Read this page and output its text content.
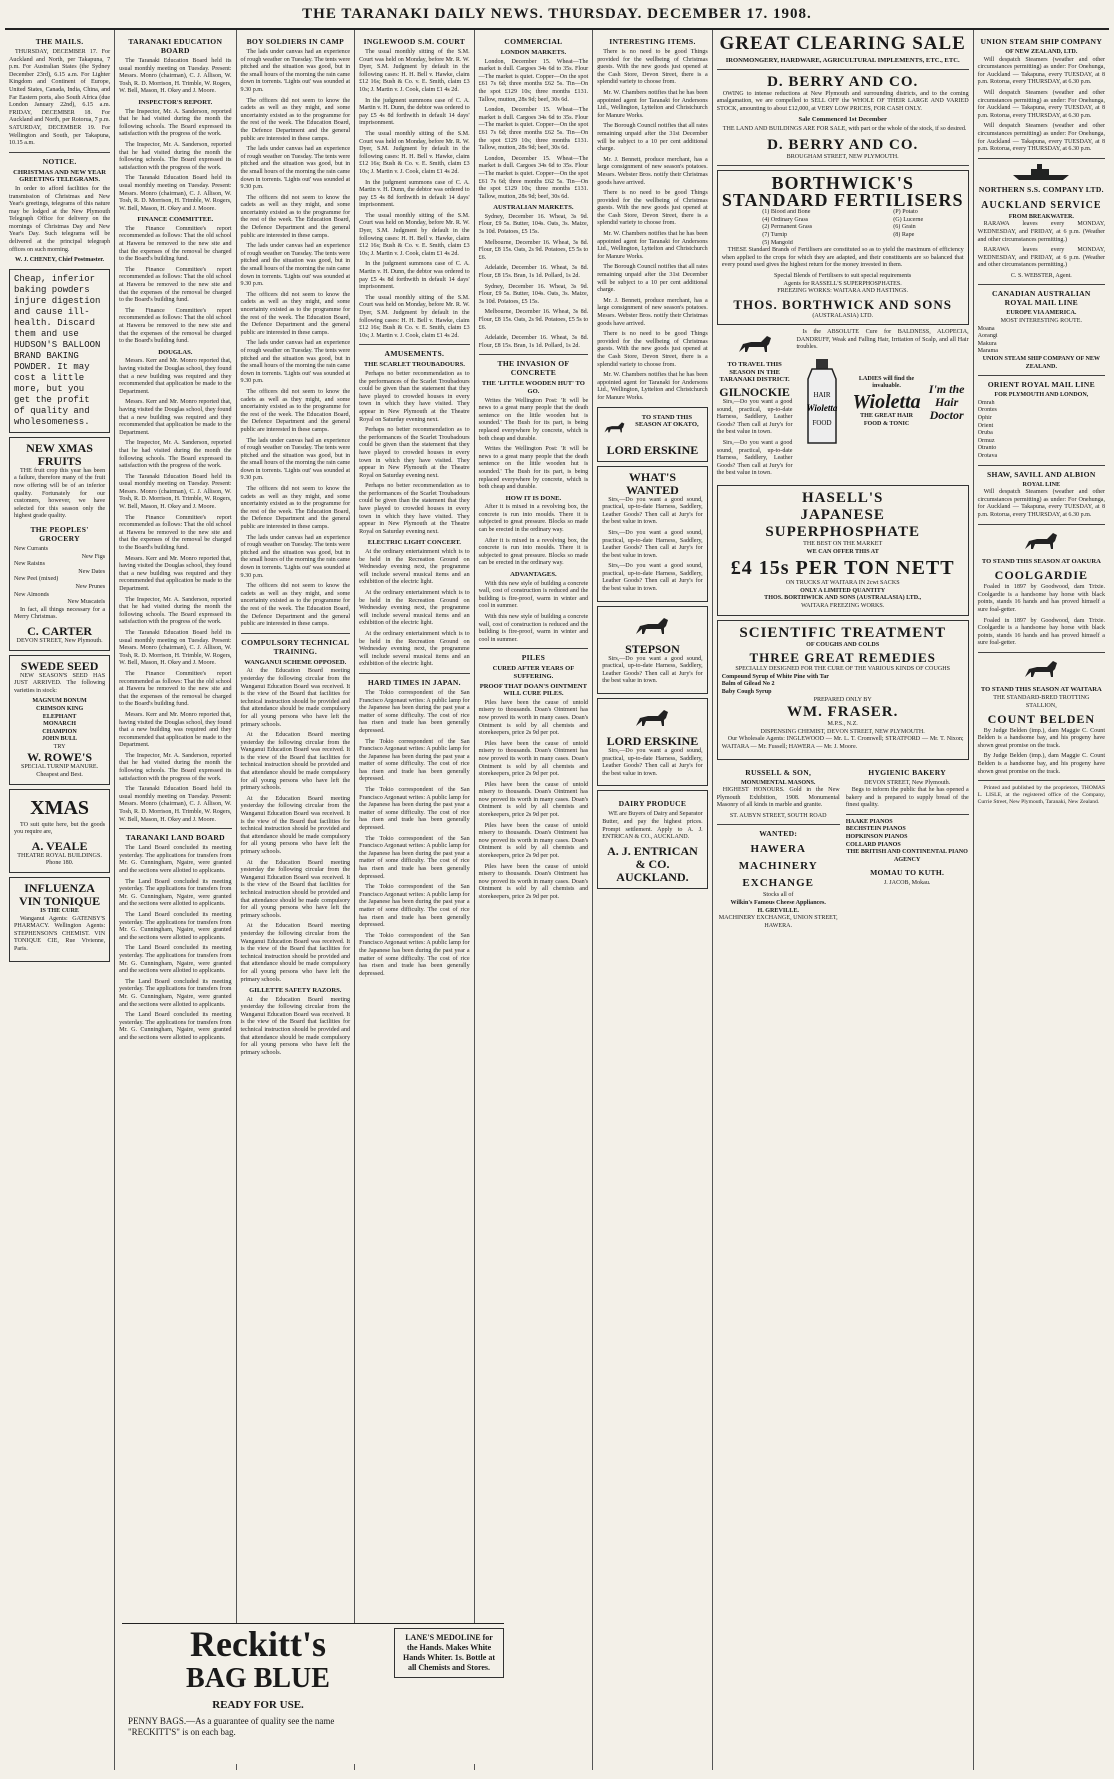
THE TARANAKI DAILY NEWS. THURSDAY. DECEMBER 17. 1908.
THE MAILS.

THURSDAY, DECEMBER 17. For Auckland and North, per Takapuna, 7 p.m. For Australian States (the Sydney December 23rd), 6.15 a.m. For Lighter Kingdom and Continent of Europe, United States, Canada, India, China, and Far Eastern ports, also South Africa (due London January 22nd), 6.15 a.m. FRIDAY, DECEMBER 18. For Auckland and North, per Rotorua, 7 p.m. SATURDAY, DECEMBER 19. For Wellington and South, per Takapuna, 10.15 a.m.

NOTICE.
CHRISTMAS AND NEW YEAR GREETING TELEGRAMS.

In order to afford facilities for the transmission of Christmas and New Year's greetings, telegrams of this nature may be lodged at the New Plymouth Telegraph Office for delivery on the mornings of Christmas Day and New Year's Day. Such telegrams will be delivered at the principal telegraph offices on such morning.

W. J. CHENEY, Chief Postmaster.
Cheap, inferior baking powders injure digestion and cause ill-health. Discard them and use HUDSON'S BALLOON BRAND BAKING POWDER. It may cost a little more, but you get the profit of quality and wholesomeness.
NEW XMAS FRUITS

THE fruit crop this year has been a failure, therefore many of the fruit now offering will be of an inferior quality. Fortunately for our customers, however, we have selected for this season only the highest grade quality.

THE PEOPLES' GROCERY
New Currants
New Figs
New Raisins
New Dates
New Peel (mixed)
New Prunes
New Almonds
New Muscatels

In fact, all things necessary for a Merry Christmas.

C. CARTER
DEVON STREET, New Plymouth.
SWEDE SEED

NEW SEASON'S SEED HAS JUST ARRIVED. The following varieties in stock:

MAGNUM BONUM
CRIMSON KING
ELEPHANT
MONARCH
CHAMPION
JOHN BULL
TRY
W. ROWE'S
SPECIAL TURNIP MANURE. Cheapest and Best.
XMAS

TO suit quite here, but the goods you require are,

A. VEALE
THEATRE ROYAL BUILDINGS. Phone 180.
INFLUENZA
VIN TONIQUE
IS THE CURE

Wanganui Agents: GATENBY'S PHARMACY. Wellington Agents: STEPHENSON'S CHEMIST. VIN TONIQUE CIE, Rue Vivienne, Paris.

TARANAKI EDUCATION BOARD

The Taranaki Education Board held its usual monthly meeting on Tuesday. Present: Messrs. Monro (chairman), C. J. Allison, W. Tosh, R. D. Morrison, H. Trimble, W. Rogers, W. Bell, Mason, H. Okey and J. Moore.

INSPECTOR'S REPORT.

The Inspector, Mr. A. Sanderson, reported that he had visited during the month the following schools. The Board expressed its satisfaction with the progress of the work.

The Inspector, Mr. A. Sanderson, reported that he had visited during the month the following schools. The Board expressed its satisfaction with the progress of the work.

The Taranaki Education Board held its usual monthly meeting on Tuesday. Present: Messrs. Monro (chairman), C. J. Allison, W. Tosh, R. D. Morrison, H. Trimble, W. Rogers, W. Bell, Mason, H. Okey and J. Moore.

FINANCE COMMITTEE.

The Finance Committee's report recommended as follows: That the old school at Hawera be removed to the new site and that the expenses of the removal be charged to the Board's building fund.

The Finance Committee's report recommended as follows: That the old school at Hawera be removed to the new site and that the expenses of the removal be charged to the Board's building fund.

The Finance Committee's report recommended as follows: That the old school at Hawera be removed to the new site and that the expenses of the removal be charged to the Board's building fund.

DOUGLAS.

Messrs. Kerr and Mr. Monro reported that, having visited the Douglas school, they found that a new building was required and they recommended that application be made to the Department.

Messrs. Kerr and Mr. Monro reported that, having visited the Douglas school, they found that a new building was required and they recommended that application be made to the Department.

The Inspector, Mr. A. Sanderson, reported that he had visited during the month the following schools. The Board expressed its satisfaction with the progress of the work.

The Taranaki Education Board held its usual monthly meeting on Tuesday. Present: Messrs. Monro (chairman), C. J. Allison, W. Tosh, R. D. Morrison, H. Trimble, W. Rogers, W. Bell, Mason, H. Okey and J. Moore.

The Finance Committee's report recommended as follows: That the old school at Hawera be removed to the new site and that the expenses of the removal be charged to the Board's building fund.

Messrs. Kerr and Mr. Monro reported that, having visited the Douglas school, they found that a new building was required and they recommended that application be made to the Department.

The Inspector, Mr. A. Sanderson, reported that he had visited during the month the following schools. The Board expressed its satisfaction with the progress of the work.

The Taranaki Education Board held its usual monthly meeting on Tuesday. Present: Messrs. Monro (chairman), C. J. Allison, W. Tosh, R. D. Morrison, H. Trimble, W. Rogers, W. Bell, Mason, H. Okey and J. Moore.

The Finance Committee's report recommended as follows: That the old school at Hawera be removed to the new site and that the expenses of the removal be charged to the Board's building fund.

Messrs. Kerr and Mr. Monro reported that, having visited the Douglas school, they found that a new building was required and they recommended that application be made to the Department.

The Inspector, Mr. A. Sanderson, reported that he had visited during the month the following schools. The Board expressed its satisfaction with the progress of the work.

The Taranaki Education Board held its usual monthly meeting on Tuesday. Present: Messrs. Monro (chairman), C. J. Allison, W. Tosh, R. D. Morrison, H. Trimble, W. Rogers, W. Bell, Mason, H. Okey and J. Moore.

TARANAKI LAND BOARD

The Land Board concluded its meeting yesterday. The applications for transfers from Mr. G. Cunningham, Ngaire, were granted and the sections were allotted to applicants.

The Land Board concluded its meeting yesterday. The applications for transfers from Mr. G. Cunningham, Ngaire, were granted and the sections were allotted to applicants.

The Land Board concluded its meeting yesterday. The applications for transfers from Mr. G. Cunningham, Ngaire, were granted and the sections were allotted to applicants.

The Land Board concluded its meeting yesterday. The applications for transfers from Mr. G. Cunningham, Ngaire, were granted and the sections were allotted to applicants.

The Land Board concluded its meeting yesterday. The applications for transfers from Mr. G. Cunningham, Ngaire, were granted and the sections were allotted to applicants.

The Land Board concluded its meeting yesterday. The applications for transfers from Mr. G. Cunningham, Ngaire, were granted and the sections were allotted to applicants.

BOY SOLDIERS IN CAMP

The lads under canvas had an experience of rough weather on Tuesday. The tents were pitched and the situation was good, but in the small hours of the morning the rain came down in torrents. 'Lights out' was sounded at 9.30 p.m.

The officers did not seem to know the cadets as well as they might, and some uncertainty existed as to the programme for the rest of the week. The Education Board, the Defence Department and the general public are interested in these camps.

The lads under canvas had an experience of rough weather on Tuesday. The tents were pitched and the situation was good, but in the small hours of the morning the rain came down in torrents. 'Lights out' was sounded at 9.30 p.m.

The officers did not seem to know the cadets as well as they might, and some uncertainty existed as to the programme for the rest of the week. The Education Board, the Defence Department and the general public are interested in these camps.

The lads under canvas had an experience of rough weather on Tuesday. The tents were pitched and the situation was good, but in the small hours of the morning the rain came down in torrents. 'Lights out' was sounded at 9.30 p.m.

The officers did not seem to know the cadets as well as they might, and some uncertainty existed as to the programme for the rest of the week. The Education Board, the Defence Department and the general public are interested in these camps.

The lads under canvas had an experience of rough weather on Tuesday. The tents were pitched and the situation was good, but in the small hours of the morning the rain came down in torrents. 'Lights out' was sounded at 9.30 p.m.

The officers did not seem to know the cadets as well as they might, and some uncertainty existed as to the programme for the rest of the week. The Education Board, the Defence Department and the general public are interested in these camps.

The lads under canvas had an experience of rough weather on Tuesday. The tents were pitched and the situation was good, but in the small hours of the morning the rain came down in torrents. 'Lights out' was sounded at 9.30 p.m.

The officers did not seem to know the cadets as well as they might, and some uncertainty existed as to the programme for the rest of the week. The Education Board, the Defence Department and the general public are interested in these camps.

The lads under canvas had an experience of rough weather on Tuesday. The tents were pitched and the situation was good, but in the small hours of the morning the rain came down in torrents. 'Lights out' was sounded at 9.30 p.m.

The officers did not seem to know the cadets as well as they might, and some uncertainty existed as to the programme for the rest of the week. The Education Board, the Defence Department and the general public are interested in these camps.

COMPULSORY TECHNICAL TRAINING.
WANGANUI SCHEME OPPOSED.

At the Education Board meeting yesterday the following circular from the Wanganui Education Board was received. It is the view of the Board that facilities for technical instruction should be provided and that attendance should be made compulsory for all young persons who have left the primary schools.

At the Education Board meeting yesterday the following circular from the Wanganui Education Board was received. It is the view of the Board that facilities for technical instruction should be provided and that attendance should be made compulsory for all young persons who have left the primary schools.

At the Education Board meeting yesterday the following circular from the Wanganui Education Board was received. It is the view of the Board that facilities for technical instruction should be provided and that attendance should be made compulsory for all young persons who have left the primary schools.

At the Education Board meeting yesterday the following circular from the Wanganui Education Board was received. It is the view of the Board that facilities for technical instruction should be provided and that attendance should be made compulsory for all young persons who have left the primary schools.

At the Education Board meeting yesterday the following circular from the Wanganui Education Board was received. It is the view of the Board that facilities for technical instruction should be provided and that attendance should be made compulsory for all young persons who have left the primary schools.

GILLETTE SAFETY RAZORS.

At the Education Board meeting yesterday the following circular from the Wanganui Education Board was received. It is the view of the Board that facilities for technical instruction should be provided and that attendance should be made compulsory for all young persons who have left the primary schools.

INGLEWOOD S.M. COURT

The usual monthly sitting of the S.M. Court was held on Monday, before Mr. R. W. Dyer, S.M. Judgment by default in the following cases: H. H. Bell v. Hawke, claim £12 16s; Bush & Co. v. E. Smith, claim £3 10s; J. Martin v. J. Cook, claim £1 4s 2d.

In the judgment summons case of C. A. Martin v. H. Dunn, the debtor was ordered to pay £5 4s 8d forthwith in default 14 days' imprisonment.

The usual monthly sitting of the S.M. Court was held on Monday, before Mr. R. W. Dyer, S.M. Judgment by default in the following cases: H. H. Bell v. Hawke, claim £12 16s; Bush & Co. v. E. Smith, claim £3 10s; J. Martin v. J. Cook, claim £1 4s 2d.

In the judgment summons case of C. A. Martin v. H. Dunn, the debtor was ordered to pay £5 4s 8d forthwith in default 14 days' imprisonment.

The usual monthly sitting of the S.M. Court was held on Monday, before Mr. R. W. Dyer, S.M. Judgment by default in the following cases: H. H. Bell v. Hawke, claim £12 16s; Bush & Co. v. E. Smith, claim £3 10s; J. Martin v. J. Cook, claim £1 4s 2d.

In the judgment summons case of C. A. Martin v. H. Dunn, the debtor was ordered to pay £5 4s 8d forthwith in default 14 days' imprisonment.

The usual monthly sitting of the S.M. Court was held on Monday, before Mr. R. W. Dyer, S.M. Judgment by default in the following cases: H. H. Bell v. Hawke, claim £12 16s; Bush & Co. v. E. Smith, claim £3 10s; J. Martin v. J. Cook, claim £1 4s 2d.

AMUSEMENTS.
THE SCARLET TROUBADOURS.

Perhaps no better recommendation as to the performances of the Scarlet Troubadours could be given than the statement that they have played to crowded houses in every town in which they have visited. They appear in New Plymouth at the Theatre Royal on Saturday evening next.

Perhaps no better recommendation as to the performances of the Scarlet Troubadours could be given than the statement that they have played to crowded houses in every town in which they have visited. They appear in New Plymouth at the Theatre Royal on Saturday evening next.

Perhaps no better recommendation as to the performances of the Scarlet Troubadours could be given than the statement that they have played to crowded houses in every town in which they have visited. They appear in New Plymouth at the Theatre Royal on Saturday evening next.

ELECTRIC LIGHT CONCERT.

At the ordinary entertainment which is to be held in the Recreation Ground on Wednesday evening next, the programme will include several musical items and an exhibition of the electric light.

At the ordinary entertainment which is to be held in the Recreation Ground on Wednesday evening next, the programme will include several musical items and an exhibition of the electric light.

At the ordinary entertainment which is to be held in the Recreation Ground on Wednesday evening next, the programme will include several musical items and an exhibition of the electric light.

HARD TIMES IN JAPAN.

The Tokio correspondent of the San Francisco Argonaut writes: A public lamp for the Japanese has been during the past year a matter of some difficulty. The cost of rice has risen and trade has been generally depressed.

The Tokio correspondent of the San Francisco Argonaut writes: A public lamp for the Japanese has been during the past year a matter of some difficulty. The cost of rice has risen and trade has been generally depressed.

The Tokio correspondent of the San Francisco Argonaut writes: A public lamp for the Japanese has been during the past year a matter of some difficulty. The cost of rice has risen and trade has been generally depressed.

The Tokio correspondent of the San Francisco Argonaut writes: A public lamp for the Japanese has been during the past year a matter of some difficulty. The cost of rice has risen and trade has been generally depressed.

The Tokio correspondent of the San Francisco Argonaut writes: A public lamp for the Japanese has been during the past year a matter of some difficulty. The cost of rice has risen and trade has been generally depressed.

The Tokio correspondent of the San Francisco Argonaut writes: A public lamp for the Japanese has been during the past year a matter of some difficulty. The cost of rice has risen and trade has been generally depressed.

COMMERCIAL
LONDON MARKETS.

London, December 15. Wheat—The market is dull. Cargoes 34s 6d to 35s. Flour—The market is quiet. Copper—On the spot £61 7s 6d; three months £62 5s. Tin—On the spot £129 10s; three months £131. Tallow, mutton, 28s 9d; beef, 30s 6d.

London, December 15. Wheat—The market is dull. Cargoes 34s 6d to 35s. Flour—The market is quiet. Copper—On the spot £61 7s 6d; three months £62 5s. Tin—On the spot £129 10s; three months £131. Tallow, mutton, 28s 9d; beef, 30s 6d.

London, December 15. Wheat—The market is dull. Cargoes 34s 6d to 35s. Flour—The market is quiet. Copper—On the spot £61 7s 6d; three months £62 5s. Tin—On the spot £129 10s; three months £131. Tallow, mutton, 28s 9d; beef, 30s 6d.

AUSTRALIAN MARKETS.

Sydney, December 16. Wheat, 3s 9d. Flour, £9 5s. Butter, 104s. Oats, 3s. Maize, 3s 10d. Potatoes, £5 15s.

Melbourne, December 16. Wheat, 3s 8d. Flour, £8 15s. Oats, 2s 9d. Potatoes, £5 5s to £6.

Adelaide, December 16. Wheat, 3s 8d. Flour, £8 15s. Bran, 1s 1d. Pollard, 1s 2d.

Sydney, December 16. Wheat, 3s 9d. Flour, £9 5s. Butter, 104s. Oats, 3s. Maize, 3s 10d. Potatoes, £5 15s.

Melbourne, December 16. Wheat, 3s 8d. Flour, £8 15s. Oats, 2s 9d. Potatoes, £5 5s to £6.

Adelaide, December 16. Wheat, 3s 8d. Flour, £8 15s. Bran, 1s 1d. Pollard, 1s 2d.

THE INVASION OF CONCRETE
THE 'LITTLE WOODEN HUT' TO GO.

Writes the Wellington Post: 'It will be news to a great many people that the death sentence on the little wooden hut is sounded.' The Bush for its part, is being replaced everywhere by concrete, which is both cheap and durable.

Writes the Wellington Post: 'It will be news to a great many people that the death sentence on the little wooden hut is sounded.' The Bush for its part, is being replaced everywhere by concrete, which is both cheap and durable.

HOW IT IS DONE.

After it is mixed in a revolving box, the concrete is run into moulds. There it is subjected to great pressure. Blocks so made can be erected in the ordinary way.

After it is mixed in a revolving box, the concrete is run into moulds. There it is subjected to great pressure. Blocks so made can be erected in the ordinary way.

ADVANTAGES.

With this new style of building a concrete wall, cost of construction is reduced and the building is fire-proof, warm in winter and cool in summer.

With this new style of building a concrete wall, cost of construction is reduced and the building is fire-proof, warm in winter and cool in summer.

PILES
CURED AFTER YEARS OF SUFFERING.
PROOF THAT DOAN'S OINTMENT WILL CURE PILES.

Piles have been the cause of untold misery to thousands. Doan's Ointment has now proved its worth in many cases. Doan's Ointment is sold by all chemists and storekeepers, price 2s 9d per pot.

Piles have been the cause of untold misery to thousands. Doan's Ointment has now proved its worth in many cases. Doan's Ointment is sold by all chemists and storekeepers, price 2s 9d per pot.

Piles have been the cause of untold misery to thousands. Doan's Ointment has now proved its worth in many cases. Doan's Ointment is sold by all chemists and storekeepers, price 2s 9d per pot.

Piles have been the cause of untold misery to thousands. Doan's Ointment has now proved its worth in many cases. Doan's Ointment is sold by all chemists and storekeepers, price 2s 9d per pot.

Piles have been the cause of untold misery to thousands. Doan's Ointment has now proved its worth in many cases. Doan's Ointment is sold by all chemists and storekeepers, price 2s 9d per pot.

INTERESTING ITEMS.

There is no need to be good Things provided for the wellbeing of Christmas guests. With the new goods just opened at the Cash Store, Devon Street, there is a splendid variety to choose from.

Mr. W. Chambers notifies that he has been appointed agent for Taranaki for Andersons Ltd., Wellington, Lyttelton and Christchurch for Manure Works.

The Borough Council notifies that all rates remaining unpaid after the 31st December will be subject to a 10 per cent additional charge.

Mr. J. Bennett, produce merchant, has a large consignment of new season's potatoes. Messrs. Webster Bros. notify their Christmas goods have arrived.

There is no need to be good Things provided for the wellbeing of Christmas guests. With the new goods just opened at the Cash Store, Devon Street, there is a splendid variety to choose from.

Mr. W. Chambers notifies that he has been appointed agent for Taranaki for Andersons Ltd., Wellington, Lyttelton and Christchurch for Manure Works.

The Borough Council notifies that all rates remaining unpaid after the 31st December will be subject to a 10 per cent additional charge.

Mr. J. Bennett, produce merchant, has a large consignment of new season's potatoes. Messrs. Webster Bros. notify their Christmas goods have arrived.

There is no need to be good Things provided for the wellbeing of Christmas guests. With the new goods just opened at the Cash Store, Devon Street, there is a splendid variety to choose from.

Mr. W. Chambers notifies that he has been appointed agent for Taranaki for Andersons Ltd., Wellington, Lyttelton and Christchurch for Manure Works.

TO STAND THIS SEASON AT OKATO,
LORD ERSKINE
WHAT'S WANTED

Sirs,—Do you want a good sound, practical, up-to-date Harness, Saddlery, Leather Goods? Then call at Jury's for the best value in town.

Sirs,—Do you want a good sound, practical, up-to-date Harness, Saddlery, Leather Goods? Then call at Jury's for the best value in town.

Sirs,—Do you want a good sound, practical, up-to-date Harness, Saddlery, Leather Goods? Then call at Jury's for the best value in town.

STEPSON

Sirs,—Do you want a good sound, practical, up-to-date Harness, Saddlery, Leather Goods? Then call at Jury's for the best value in town.

LORD ERSKINE

Sirs,—Do you want a good sound, practical, up-to-date Harness, Saddlery, Leather Goods? Then call at Jury's for the best value in town.

DAIRY PRODUCE

WE are Buyers of Dairy and Separator Butter, and pay the highest prices. Prompt settlement. Apply to A. J. ENTRICAN & CO., AUCKLAND.

A. J. ENTRICAN & CO. AUCKLAND.
GREAT CLEARING SALE
IRONMONGERY, HARDWARE, AGRICULTURAL IMPLEMENTS, ETC., ETC.
D. BERRY AND CO.

OWING to intense reductions at New Plymouth and surrounding districts, and to the coming amalgamation, we are compelled to SELL OFF the WHOLE OF THEIR LARGE AND VARIED STOCK, amounting to about £12,000, at VERY LOW PRICES, FOR CASH ONLY.

Sale Commenced 1st December

THE LAND AND BUILDINGS ARE FOR SALE, with part or the whole of the stock, if so desired.

D. BERRY AND CO.
BROUGHAM STREET, NEW PLYMOUTH.
BORTHWICK'S
STANDARD FERTILISERS
(1) Blood and Bone
(4) Ordinary Grass
(2) Permanent Grass
(7) Turnip
(5) Mangold
(P) Potato
(G) Lucerne
(6) Grain
(8) Rape

THESE Standard Brands of Fertilisers are constituted so as to yield the maximum of efficiency when applied to the crops for which they are adapted, and their constituents are so balanced that every pound used gives the highest return for the money invested in them.

Special Blends of Fertilisers to suit special requirements
Agents for RASSELL'S SUPERPHOSPHATES.
FREEZING WORKS: WAITARA AND HASTINGS.
THOS. BORTHWICK AND SONS
(AUSTRALASIA) LTD.
TO TRAVEL THIS SEASON IN THE TARANAKI DISTRICT.
GILNOCKIE

Sirs,—Do you want a good sound, practical, up-to-date Harness, Saddlery, Leather Goods? Then call at Jury's for the best value in town.

Sirs,—Do you want a good sound, practical, up-to-date Harness, Saddlery, Leather Goods? Then call at Jury's for the best value in town.

Is the ABSOLUTE Cure for BALDNESS, ALOPECIA, DANDRUFF, Weak and Falling Hair, Irritation of Scalp, and all Hair troubles.

HAIR
Wioletta
FOOD
LADIES will find the invaluable.
Wioletta
THE GREAT HAIR FOOD & TONIC
I'm the Hair Doctor
HASELL'S
JAPANESE SUPERPHOSPHATE
THE BEST ON THE MARKET
WE CAN OFFER THIS AT
£4 15s PER TON NETT
ON TRUCKS AT WAITARA IN 2cwt SACKS
ONLY A LIMITED QUANTITY
THOS. BORTHWICK AND SONS (AUSTRALASIA) LTD.,
WAITARA FREEZING WORKS.
SCIENTIFIC TREATMENT
OF COUGHS AND COLDS
THREE GREAT REMEDIES
SPECIALLY DESIGNED FOR THE CURE OF THE VARIOUS KINDS OF COUGHS
Compound Syrup of White Pine with Tar
Balm of Gilead No 2
Baby Cough Syrup
PREPARED ONLY BY
WM. FRASER.
M.P.S., N.Z.
DISPENSING CHEMIST, DEVON STREET, NEW PLYMOUTH.

Our Wholesale Agents: INGLEWOOD — Mr. L. T. Cromwell; STRATFORD — Mr. T. Nixon; WAITARA — Mr. Fussell; HAWERA — Mr. J. Moore.

RUSSELL & SON,
MONUMENTAL MASONS.

HIGHEST HONOURS. Gold in the New Plymouth Exhibition, 1908. Monumental Masonry of all kinds in marble and granite.

ST. AUBYN STREET, SOUTH ROAD
WANTED:
HAWERA MACHINERY EXCHANGE
Stocks all of
Wilkin's Famous Cheese Appliances.
H. GREVILLE.
MACHINERY EXCHANGE, UNION STREET, HAWERA.
HYGIENIC BAKERY
DEVON STREET, New Plymouth.

Begs to inform the public that he has opened a bakery and is prepared to supply bread of the finest quality.

HAAKE PIANOS
BECHSTEIN PIANOS
HOPKINSON PIANOS
COLLARD PIANOS
THE BRITISH AND CONTINENTAL PIANO AGENCY
MOMAU TO KUTH.
J. JACOB, Mokau.
UNION STEAM SHIP COMPANY
OF NEW ZEALAND, LTD.

Will despatch Steamers (weather and other circumstances permitting) as under: For Onehunga, for Auckland — Takapuna, every TUESDAY, at 8 p.m. Rotorua, every THURSDAY, at 6.30 p.m.

Will despatch Steamers (weather and other circumstances permitting) as under: For Onehunga, for Auckland — Takapuna, every TUESDAY, at 8 p.m. Rotorua, every THURSDAY, at 6.30 p.m.

Will despatch Steamers (weather and other circumstances permitting) as under: For Onehunga, for Auckland — Takapuna, every TUESDAY, at 8 p.m. Rotorua, every THURSDAY, at 6.30 p.m.

NORTHERN S.S. COMPANY LTD.
AUCKLAND SERVICE
FROM BREAKWATER.

RARAWA leaves every MONDAY, WEDNESDAY, and FRIDAY, at 6 p.m. (Weather and other circumstances permitting.)

RARAWA leaves every MONDAY, WEDNESDAY, and FRIDAY, at 6 p.m. (Weather and other circumstances permitting.)

C. S. WEBSTER, Agent.
CANADIAN AUSTRALIAN ROYAL MAIL LINE
EUROPE VIA AMERICA.
MOST INTERESTING ROUTE.
Moana
Aorangi
Makura
Marama
UNION STEAM SHIP COMPANY OF NEW ZEALAND.
ORIENT ROYAL MAIL LINE
FOR PLYMOUTH AND LONDON,
Omrah
Orontes
Ophir
Orient
Oruba
Ormuz
Otranto
Orotava
SHAW, SAVILL AND ALBION
ROYAL LINE

Will despatch Steamers (weather and other circumstances permitting) as under: For Onehunga, for Auckland — Takapuna, every TUESDAY, at 8 p.m. Rotorua, every THURSDAY, at 6.30 p.m.

TO STAND THIS SEASON AT OAKURA
COOLGARDIE

Foaled in 1897 by Goodwood, dam Trixie. Coolgardie is a handsome bay horse with black points, stands 16 hands and has proved himself a sure foal-getter.

Foaled in 1897 by Goodwood, dam Trixie. Coolgardie is a handsome bay horse with black points, stands 16 hands and has proved himself a sure foal-getter.

TO STAND THIS SEASON AT WAITARA
THE STANDARD-BRED TROTTING STALLION,
COUNT BELDEN

By Judge Belden (imp.), dam Maggie C. Count Belden is a handsome bay, and his progeny have shown great promise on the track.

By Judge Belden (imp.), dam Maggie C. Count Belden is a handsome bay, and his progeny have shown great promise on the track.

Printed and published by the proprietors, THOMAS L. LISLE, at the registered office of the Company, Currie Street, New Plymouth, Taranaki, New Zealand.

Reckitt's
BAG BLUE
READY FOR USE.
PENNY BAGS.—As a guarantee of quality see the name "RECKITT'S" is on each bag.
LANE'S MEDOLINE for the Hands. Makes White Hands Whiter. 1s. Bottle at all Chemists and Stores.
